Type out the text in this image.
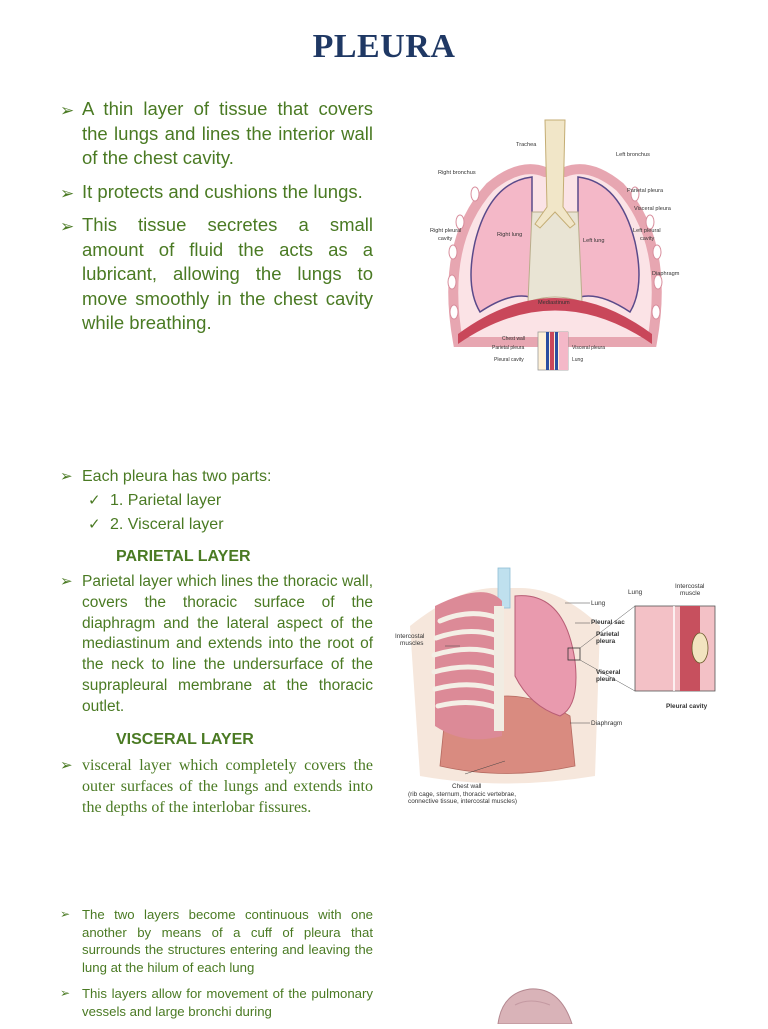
PLEURA
➢ A thin layer of tissue that covers the lungs and lines the interior wall of the chest cavity.
➢ It protects and cushions the lungs.
➢ This tissue secretes a small amount of fluid the acts as a lubricant, allowing the lungs to move smoothly in the chest cavity while breathing.
Trachea
Right bronchus
Left bronchus
Parietal pleura
Visceral pleura
Right pleural
cavity
Left pleural
cavity
Right lung
Left lung
Diaphragm
Mediastinum
Chest wall
Parietal pleura
Pleural cavity
Visceral pleura
Lung
➢ Each pleura has two parts:
✓ 1. Parietal layer
✓ 2. Visceral layer
PARIETAL LAYER
➢ Parietal layer which lines the thoracic wall, covers the thoracic surface of the diaphragm and the lateral aspect of the mediastinum and extends into the root of the neck to line the undersurface of the suprapleural membrane at the thoracic outlet.
VISCERAL LAYER
➢ visceral layer which completely covers the outer surfaces of the lungs and extends into the depths of the interlobar fissures.
Lung
Pleural sac
Parietal
pleura
Visceral
pleura
Intercostal
muscles
Diaphragm
Lung
Intercostal
muscle
Pleural cavity
Chest wall
(rib cage, sternum, thoracic vertebrae,
connective tissue, intercostal muscles)
➢ The two layers become continuous with one another by means of a cuff of pleura that surrounds the structures entering and leaving the lung at the hilum of each lung
➢ This layers allow for movement of the pulmonary vessels and large bronchi during
